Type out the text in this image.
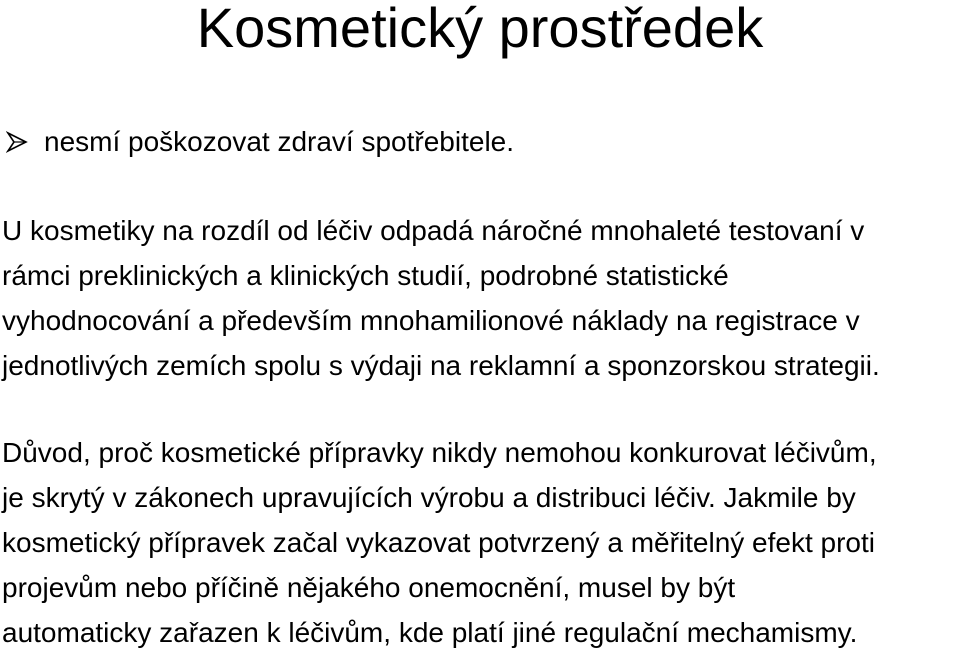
Kosmetický prostředek
nesmí poškozovat zdraví spotřebitele.
U kosmetiky na rozdíl od léčiv odpadá náročné mnohaleté testovaní v
rámci preklinických a klinických studií, podrobné statistické
vyhodnocování a především mnohamilionové náklady na registrace v
jednotlivých zemích spolu s výdaji na reklamní a sponzorskou strategii.
Důvod, proč kosmetické přípravky nikdy nemohou konkurovat léčivům,
je skrytý v zákonech upravujících výrobu a distribuci léčiv. Jakmile by
kosmetický přípravek začal vykazovat potvrzený a měřitelný efekt proti
projevům nebo příčině nějakého onemocnění, musel by být
automaticky zařazen k léčivům, kde platí jiné regulační mechamismy.
